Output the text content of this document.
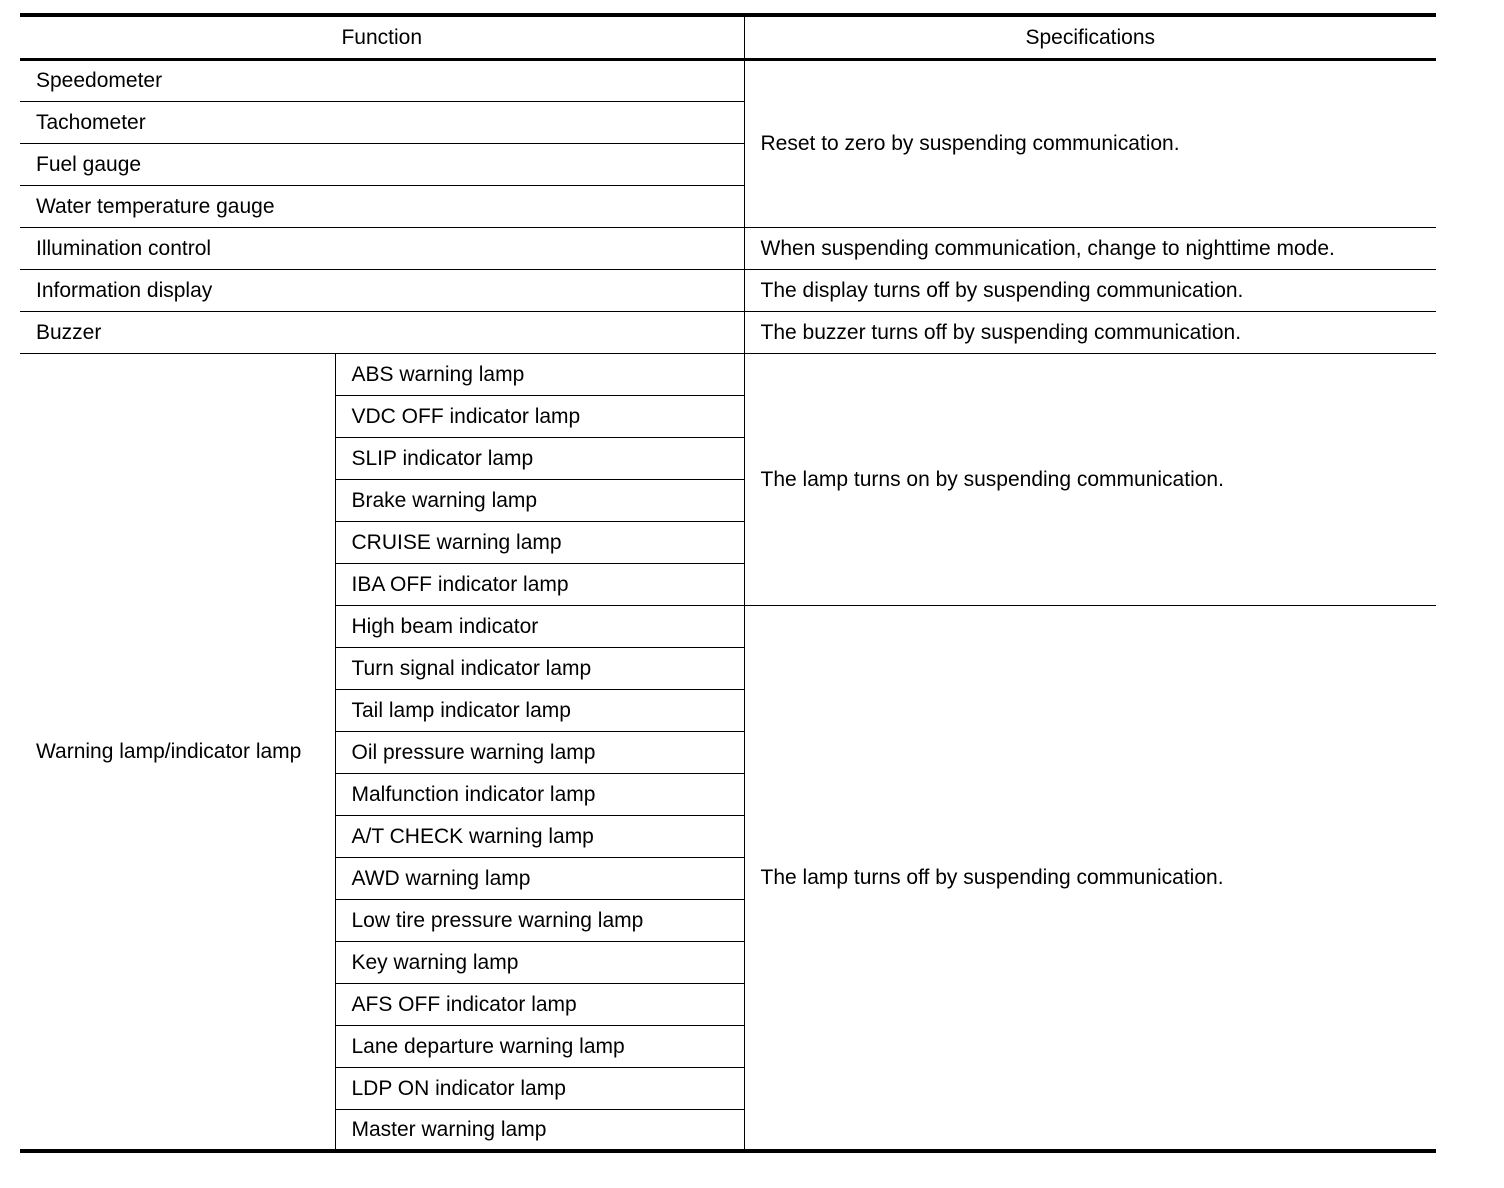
Function		Specifications
Speedometer		Reset to zero by suspending communication.
Tachometer		
Fuel gauge		
Water temperature gauge		
Illumination control		When suspending communication, change to nighttime mode.
Information display		The display turns off by suspending communication.
Buzzer		The buzzer turns off by suspending communication.
Warning lamp/indicator lamp	ABS warning lamp	The lamp turns on by suspending communication.
	VDC OFF indicator lamp	
	SLIP indicator lamp	
	Brake warning lamp	
	CRUISE warning lamp	
	IBA OFF indicator lamp	
	High beam indicator	The lamp turns off by suspending communication.
	Turn signal indicator lamp	
	Tail lamp indicator lamp	
	Oil pressure warning lamp	
	Malfunction indicator lamp	
	A/T CHECK warning lamp	
	AWD warning lamp	
	Low tire pressure warning lamp	
	Key warning lamp	
	AFS OFF indicator lamp	
	Lane departure warning lamp	
	LDP ON indicator lamp	
	Master warning lamp	
